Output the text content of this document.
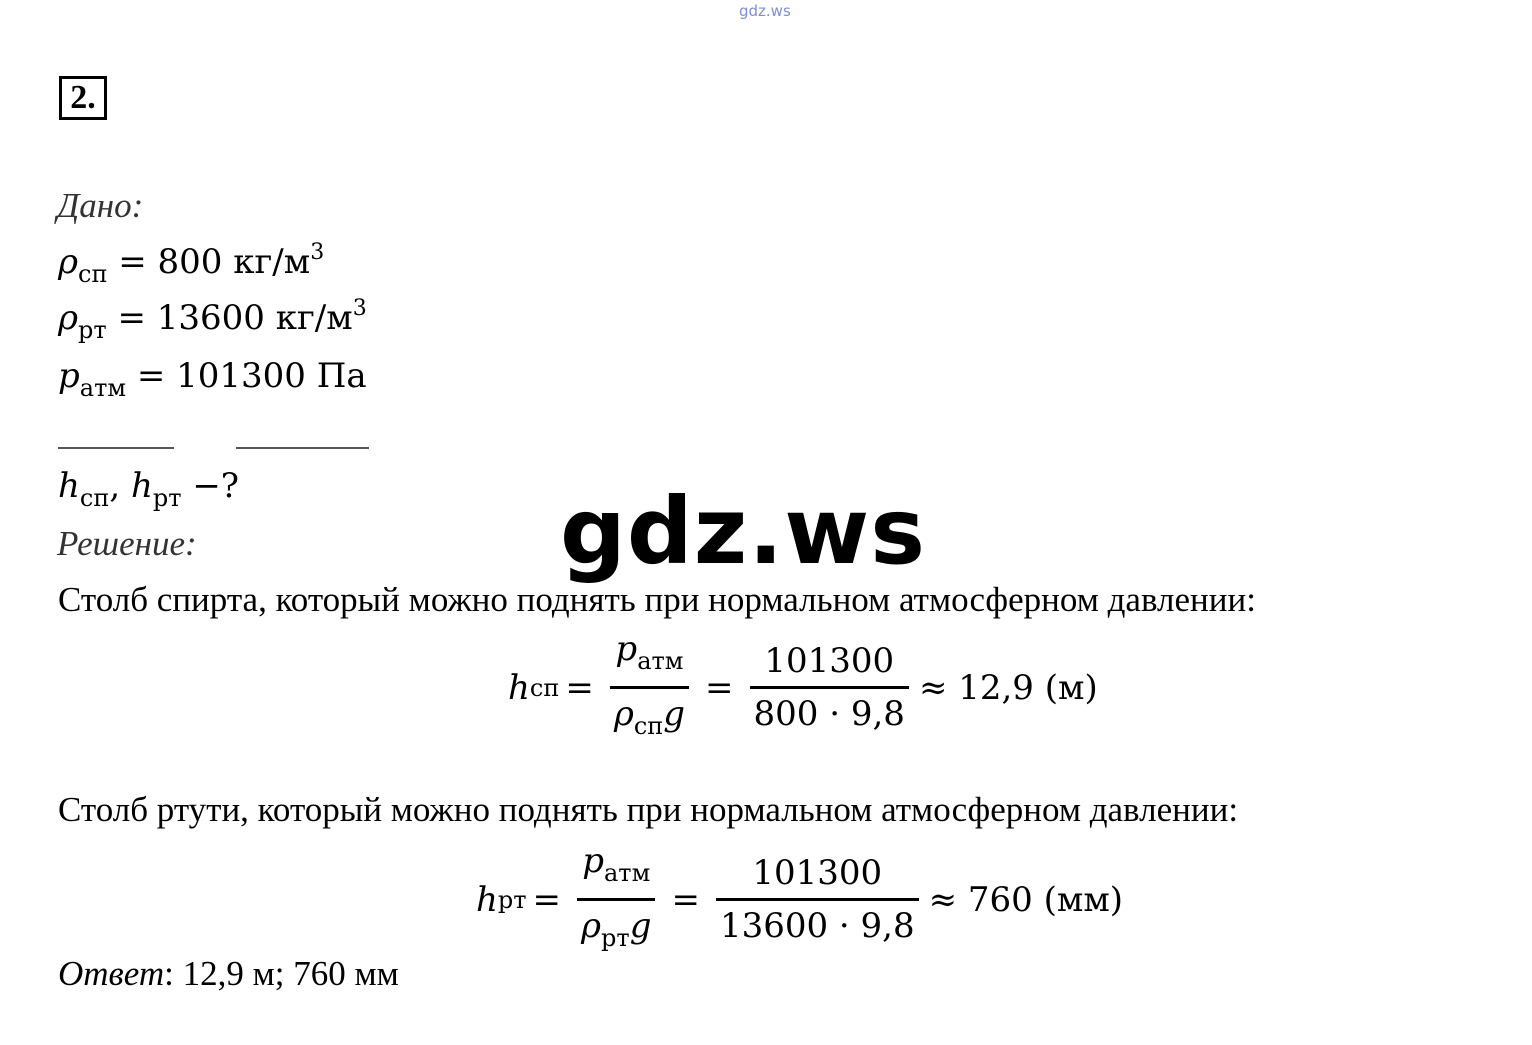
gdz.ws
2.
Дано:
$\rho_{сп} = 800$ $кг/м^3$
$\rho_{рт} = 13600$ $кг/м^3$
$p_{атм} = 101300$ Па
$h_{сп}$, $h_{рт}$ −?
Решение:
Столб спирта, который можно поднять при нормальном атмосферном давлении:
h сп = $\frac{p_{атм}}{\rho_{сп}g} = \frac{101300}{800 \cdot 9,8} \approx 12,9$ (м)
Столб ртути, который можно поднять при нормальном атмосферном давлении:
h рт = $\frac{p_{атм}}{\rho_{рт}g} = \frac{101300}{13600 \cdot 9,8} \approx 760$ (мм)
Ответ: 12,9 м; 760 мм
gdz.ws
